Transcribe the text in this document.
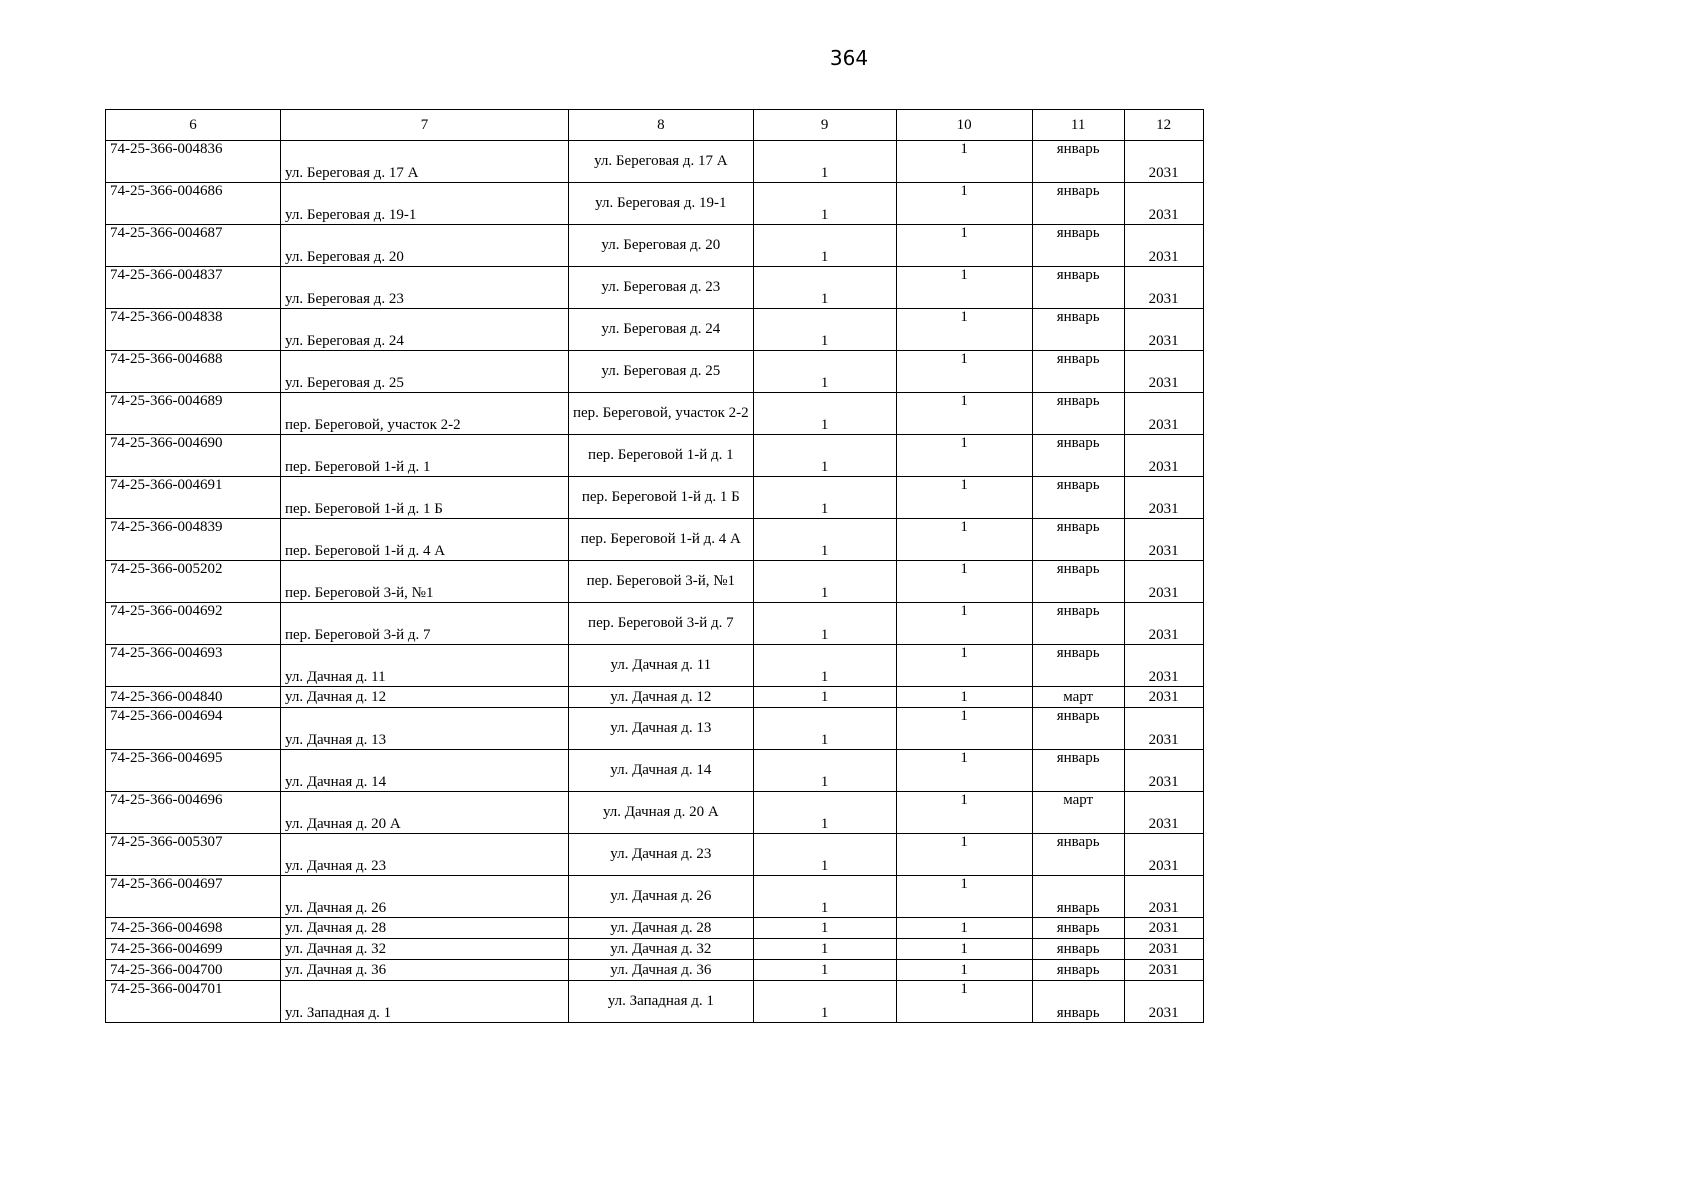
364
6	7	8	9	10	11	12
74-25-366-004836	ул. Береговая д. 17 А	ул. Береговая д. 17 А	1	1	январь	2031
74-25-366-004686	ул. Береговая д. 19-1	ул. Береговая д. 19-1	1	1	январь	2031
74-25-366-004687	ул. Береговая д. 20	ул. Береговая д. 20	1	1	январь	2031
74-25-366-004837	ул. Береговая д. 23	ул. Береговая д. 23	1	1	январь	2031
74-25-366-004838	ул. Береговая д. 24	ул. Береговая д. 24	1	1	январь	2031
74-25-366-004688	ул. Береговая д. 25	ул. Береговая д. 25	1	1	январь	2031
74-25-366-004689	пер. Береговой, участок 2-2	пер. Береговой, участок 2-2	1	1	январь	2031
74-25-366-004690	пер. Береговой 1-й д. 1	пер. Береговой 1-й д. 1	1	1	январь	2031
74-25-366-004691	пер. Береговой 1-й д. 1 Б	пер. Береговой 1-й д. 1 Б	1	1	январь	2031
74-25-366-004839	пер. Береговой 1-й д. 4 А	пер. Береговой 1-й д. 4 А	1	1	январь	2031
74-25-366-005202	пер. Береговой 3-й, №1	пер. Береговой 3-й, №1	1	1	январь	2031
74-25-366-004692	пер. Береговой 3-й д. 7	пер. Береговой 3-й д. 7	1	1	январь	2031
74-25-366-004693	ул. Дачная д. 11	ул. Дачная д. 11	1	1	январь	2031
74-25-366-004840	ул. Дачная д. 12	ул. Дачная д. 12	1	1	март	2031
74-25-366-004694	ул. Дачная д. 13	ул. Дачная д. 13	1	1	январь	2031
74-25-366-004695	ул. Дачная д. 14	ул. Дачная д. 14	1	1	январь	2031
74-25-366-004696	ул. Дачная д. 20 А	ул. Дачная д. 20 А	1	1	март	2031
74-25-366-005307	ул. Дачная д. 23	ул. Дачная д. 23	1	1	январь	2031
74-25-366-004697	ул. Дачная д. 26	ул. Дачная д. 26	1	1	январь	2031
74-25-366-004698	ул. Дачная д. 28	ул. Дачная д. 28	1	1	январь	2031
74-25-366-004699	ул. Дачная д. 32	ул. Дачная д. 32	1	1	январь	2031
74-25-366-004700	ул. Дачная д. 36	ул. Дачная д. 36	1	1	январь	2031
74-25-366-004701	ул. Западная д. 1	ул. Западная д. 1	1	1	январь	2031
